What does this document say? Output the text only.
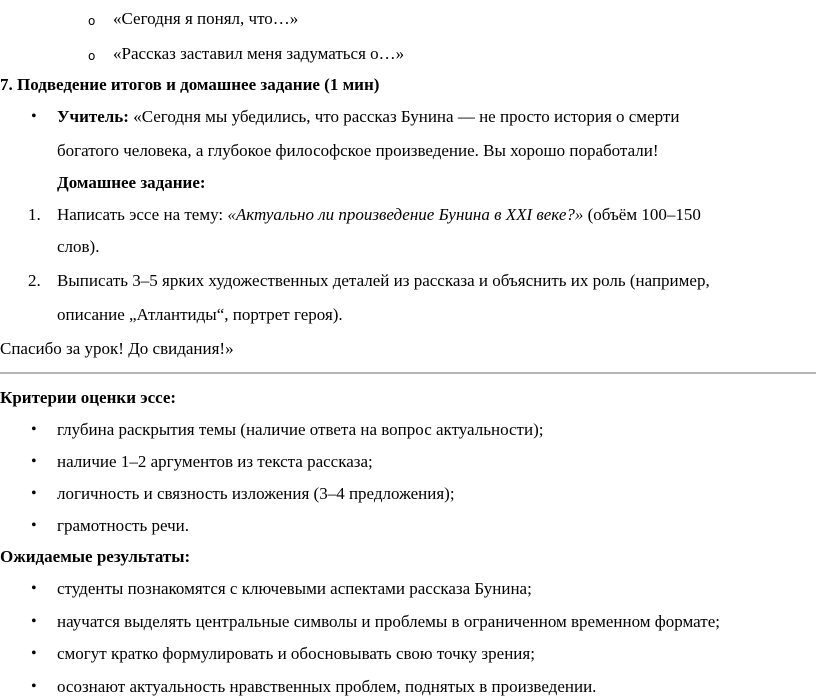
o «Сегодня я понял, что…»
o «Рассказ заставил меня задуматься о…»
7. Подведение итогов и домашнее задание (1 мин)
• Учитель: «Сегодня мы убедились, что рассказ Бунина — не просто история о смерти
богатого человека, а глубокое философское произведение. Вы хорошо поработали!
Домашнее задание:
1. Написать эссе на тему: «Актуально ли произведение Бунина в XXI веке?» (объём 100–150
слов).
2. Выписать 3–5 ярких художественных деталей из рассказа и объяснить их роль (например,
описание „Атлантиды“, портрет героя).
Спасибо за урок! До свидания!»
Критерии оценки эссе:
• глубина раскрытия темы (наличие ответа на вопрос актуальности);
• наличие 1–2 аргументов из текста рассказа;
• логичность и связность изложения (3–4 предложения);
• грамотность речи.
Ожидаемые результаты:
• студенты познакомятся с ключевыми аспектами рассказа Бунина;
• научатся выделять центральные символы и проблемы в ограниченном временном формате;
• смогут кратко формулировать и обосновывать свою точку зрения;
• осознают актуальность нравственных проблем, поднятых в произведении.
